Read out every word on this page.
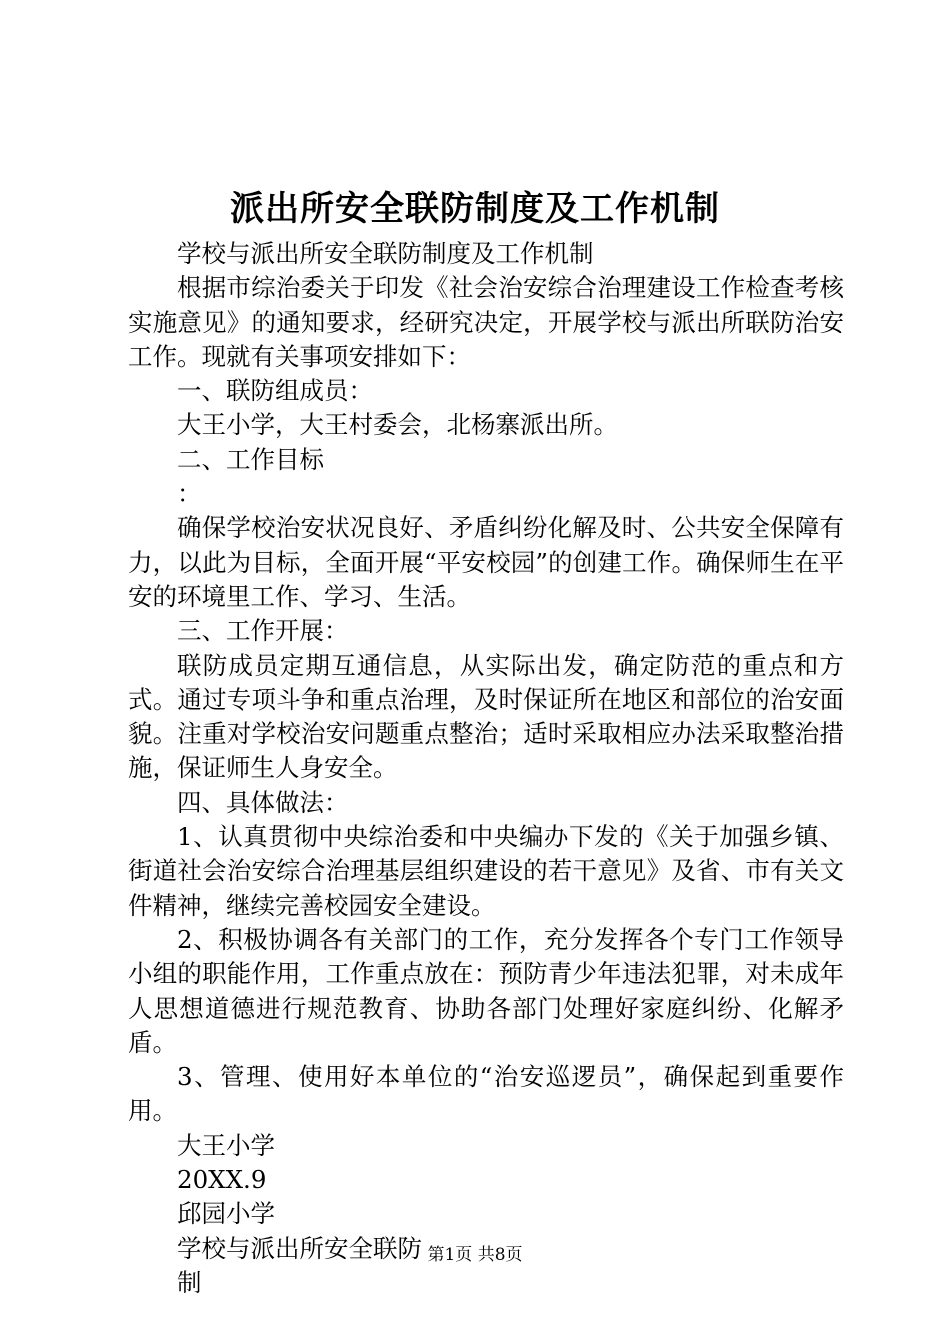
派出所安全联防制度及工作机制

学校与派出所安全联防制度及工作机制

根据市综治委关于印发《社会治安综合治理建设工作检查考核实施意见》的通知要求，经研究决定，开展学校与派出所联防治安工作。现就有关事项安排如下：

一、联防组成员：

大王小学，大王村委会，北杨寨派出所。

二、工作目标

：

确保学校治安状况良好、矛盾纠纷化解及时、公共安全保障有力，以此为目标，全面开展“平安校园”的创建工作。确保师生在平安的环境里工作、学习、生活。

三、工作开展：

联防成员定期互通信息，从实际出发，确定防范的重点和方式。通过专项斗争和重点治理，及时保证所在地区和部位的治安面貌。注重对学校治安问题重点整治；适时采取相应办法采取整治措施，保证师生人身安全。

四、具体做法：

1、认真贯彻中央综治委和中央编办下发的《关于加强乡镇、街道社会治安综合治理基层组织建设的若干意见》及省、市有关文件精神，继续完善校园安全建设。

2、积极协调各有关部门的工作，充分发挥各个专门工作领导小组的职能作用，工作重点放在：预防青少年违法犯罪，对未成年人思想道德进行规范教育、协助各部门处理好家庭纠纷、化解矛盾。

3、管理、使用好本单位的“治安巡逻员”，确保起到重要作用。

大王小学

20XX.9

邱园小学

学校与派出所安全联防

制

第1页 共8页
